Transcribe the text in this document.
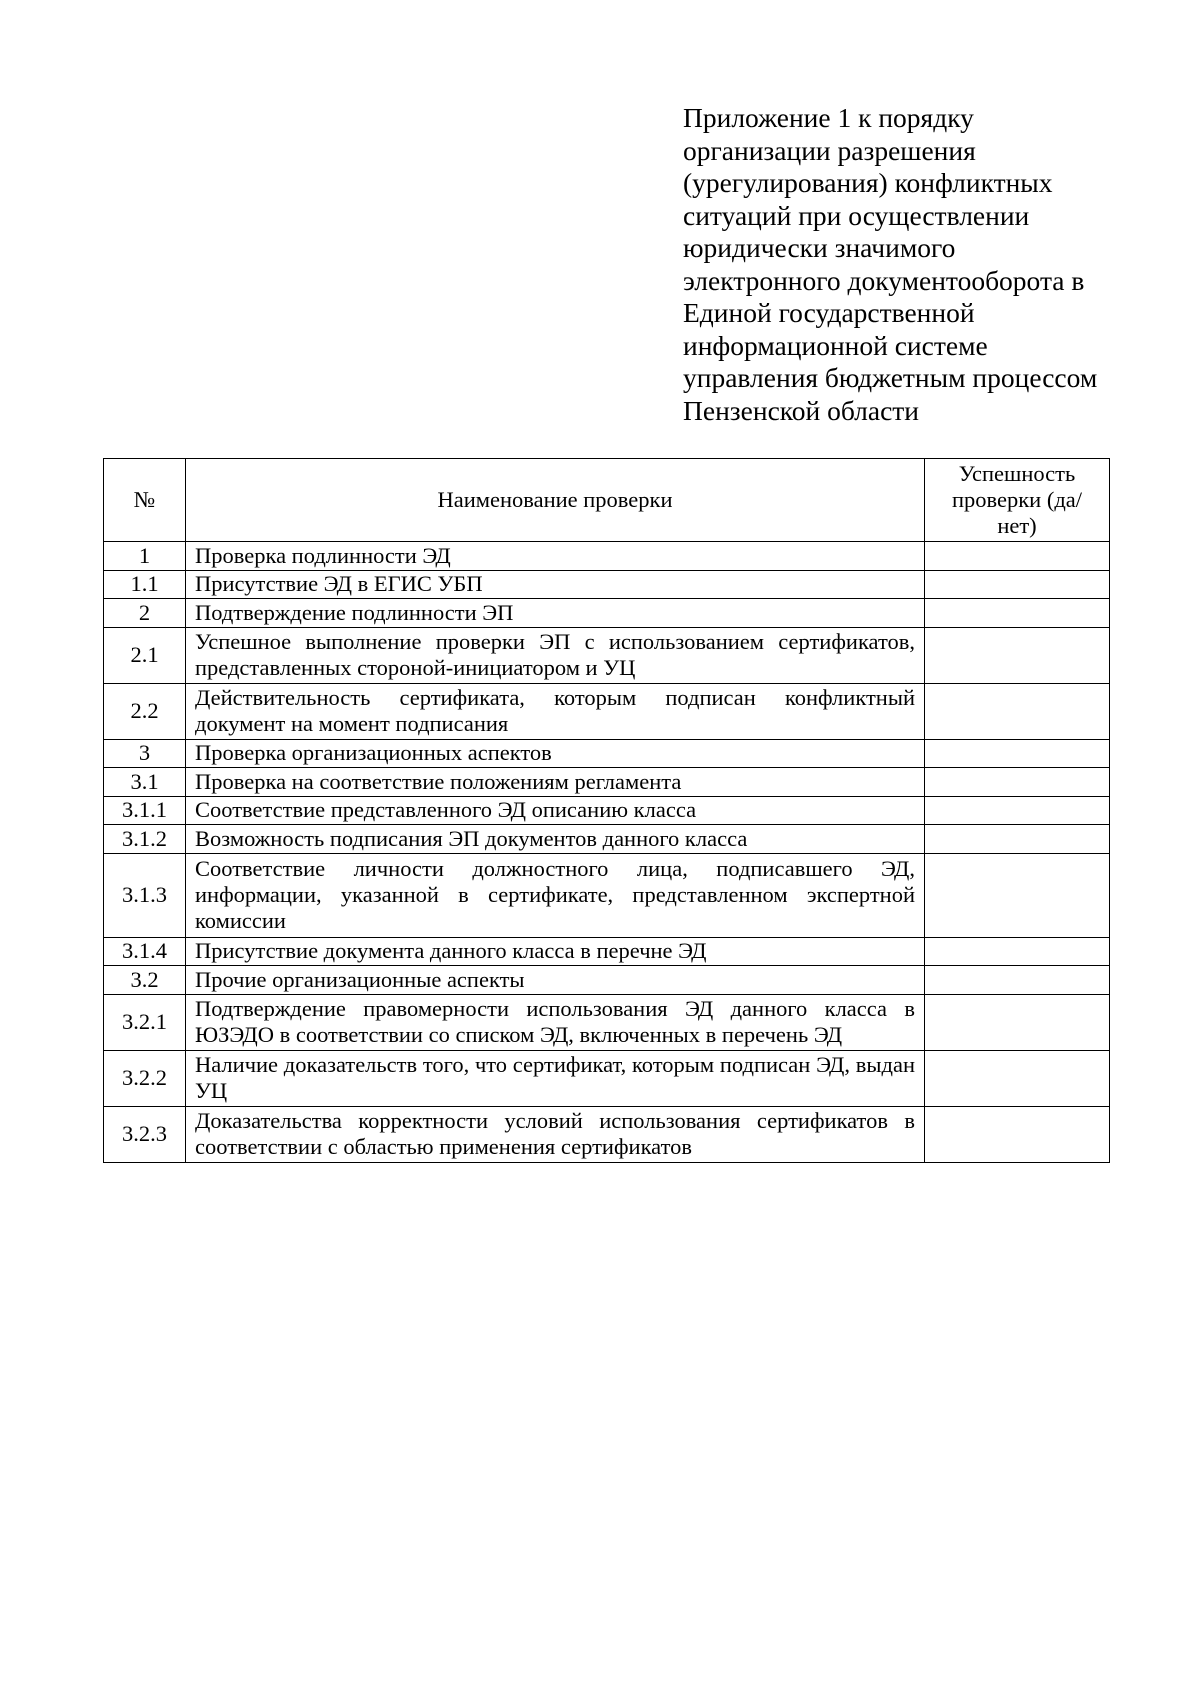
Приложение 1 к порядку
организации разрешения
(урегулирования) конфликтных
ситуаций при осуществлении
юридически значимого
электронного документооборота в
Единой государственной
информационной системе
управления бюджетным процессом
Пензенской области
№	Наименование проверки	Успешность проверки (да/нет)
1	Проверка подлинности ЭД	
1.1	Присутствие ЭД в ЕГИС УБП	
2	Подтверждение подлинности ЭП	
2.1	Успешное выполнение проверки ЭП с использованием сертификатов, представленных стороной-инициатором и УЦ	
2.2	Действительность сертификата, которым подписан конфликтный документ на момент подписания	
3	Проверка организационных аспектов	
3.1	Проверка на соответствие положениям регламента	
3.1.1	Соответствие представленного ЭД описанию класса	
3.1.2	Возможность подписания ЭП документов данного класса	
3.1.3	Соответствие личности должностного лица, подписавшего ЭД, информации, указанной в сертификате, представленном экспертной комиссии	
3.1.4	Присутствие документа данного класса в перечне ЭД	
3.2	Прочие организационные аспекты	
3.2.1	Подтверждение правомерности использования ЭД данного класса в ЮЗЭДО в соответствии со списком ЭД, включенных в перечень ЭД	
3.2.2	Наличие доказательств того, что сертификат, которым подписан ЭД, выдан УЦ	
3.2.3	Доказательства корректности условий использования сертификатов в соответствии с областью применения сертификатов	
